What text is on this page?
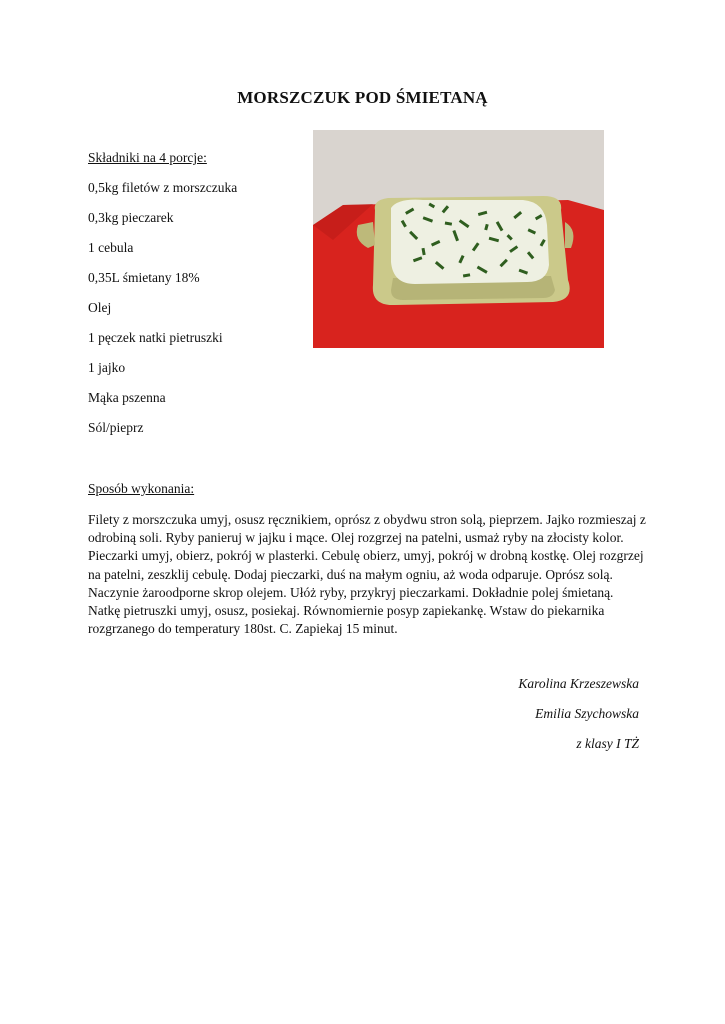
MORSZCZUK POD ŚMIETANĄ
Składniki na 4 porcje:
0,5kg filetów z morszczuka
0,3kg pieczarek
1 cebula
0,35L śmietany 18%
Olej
1 pęczek natki pietruszki
1 jajko
Mąka pszenna
Sól/pieprz
Sposób wykonania:

Filety z morszczuka umyj, osusz ręcznikiem, oprósz z obydwu stron solą, pieprzem. Jajko rozmieszaj z odrobiną soli. Ryby panieruj w jajku i mące. Olej rozgrzej na patelni, usmaż ryby na złocisty kolor. Pieczarki umyj, obierz, pokrój w plasterki. Cebulę obierz, umyj, pokrój w drobną kostkę. Olej rozgrzej na patelni, zeszklij cebulę. Dodaj pieczarki, duś na małym ogniu, aż woda odparuje. Oprósz solą. Naczynie żaroodporne skrop olejem. Ułóż ryby, przykryj pieczarkami. Dokładnie polej śmietaną. Natkę pietruszki umyj, osusz, posiekaj. Równomiernie posyp zapiekankę. Wstaw do piekarnika rozgrzanego do temperatury 180st. C. Zapiekaj 15 minut.

Karolina Krzeszewska
Emilia Szychowska
z klasy I TŻ
